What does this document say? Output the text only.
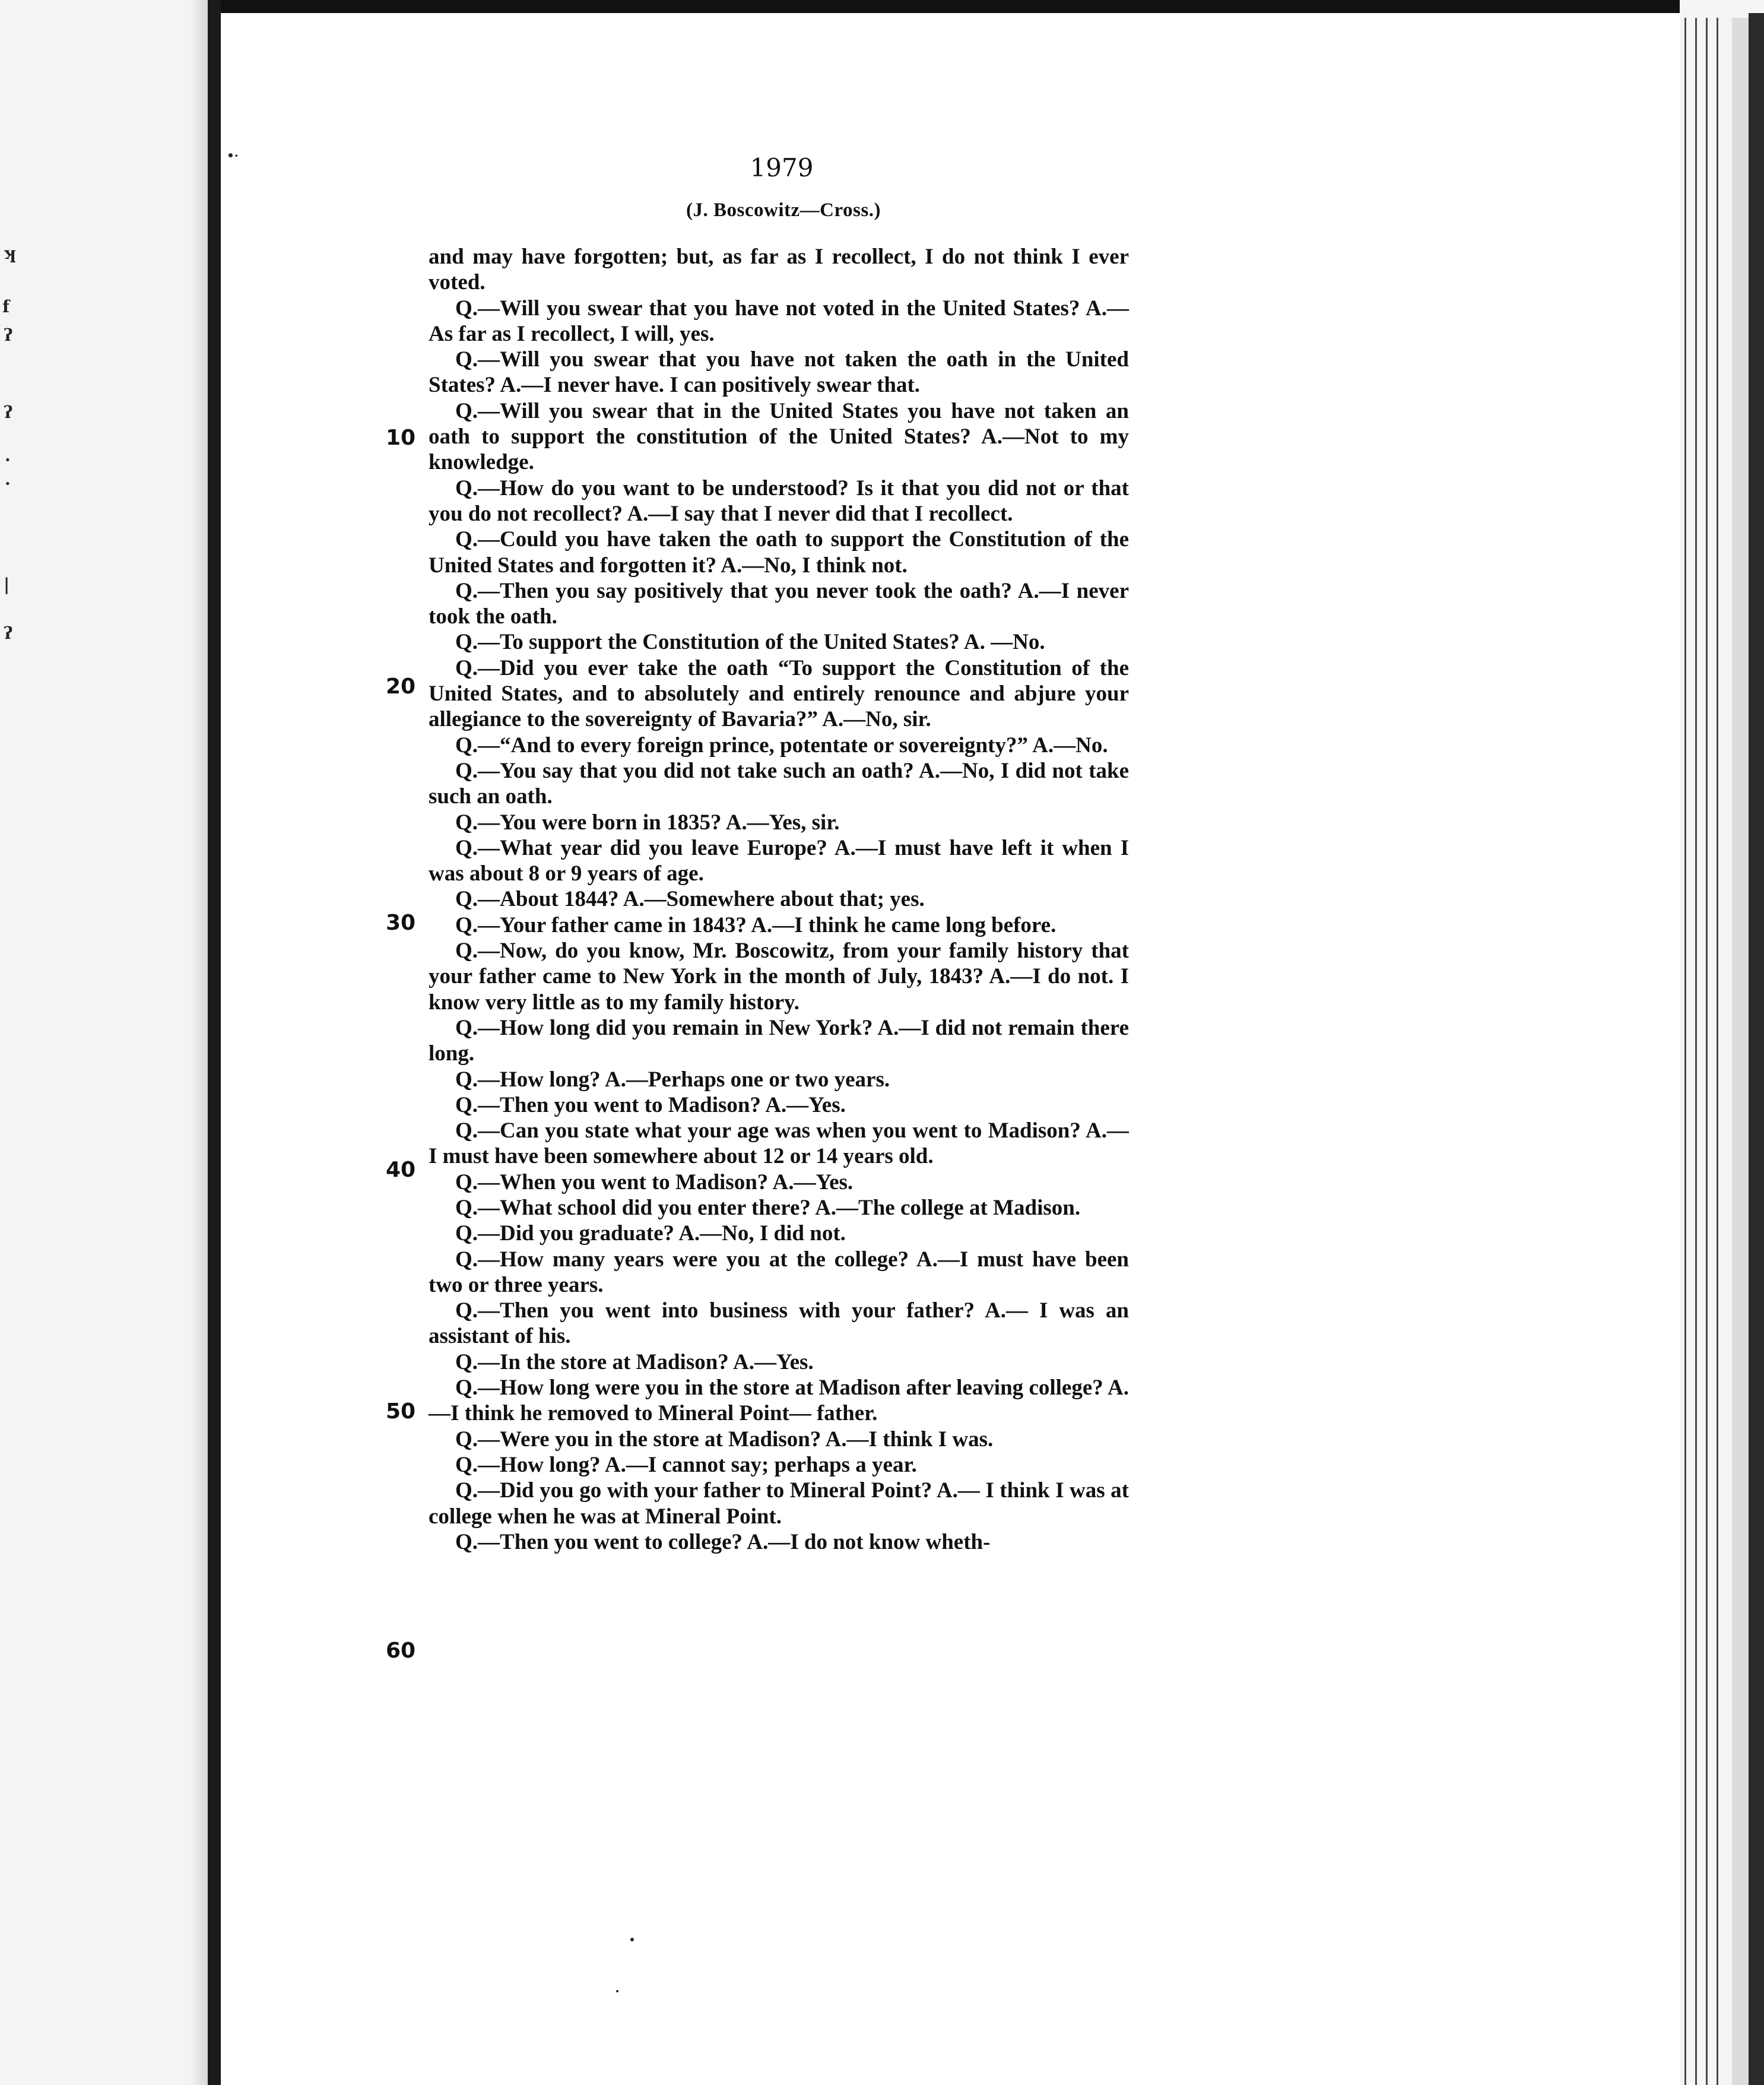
ʞ
f
ʔ
ʔ
·
·
|
ʔ
•·	1979
(J. Boscowitz—Cross.)
10
20
30
40
50
60

and may have forgotten; but, as far as I recollect, I do not think I ever voted.

Q.—Will you swear that you have not voted in the United States? A.—As far as I recollect, I will, yes.

Q.—Will you swear that you have not taken the oath in the United States? A.—I never have. I can positively swear that.

Q.—Will you swear that in the United States you have not taken an oath to support the constitution of the United States? A.—Not to my knowledge.

Q.—How do you want to be understood? Is it that you did not or that you do not recollect? A.—I say that I never did that I recollect.

Q.—Could you have taken the oath to support the Constitution of the United States and forgotten it? A.—No, I think not.

Q.—Then you say positively that you never took the oath? A.—I never took the oath.

Q.—To support the Constitution of the United States? A. —No.

Q.—Did you ever take the oath “To support the Constitution of the United States, and to absolutely and entirely renounce and abjure your allegiance to the sovereignty of Bavaria?” A.—No, sir.

Q.—“And to every foreign prince, potentate or sovereignty?” A.—No.

Q.—You say that you did not take such an oath? A.—No, I did not take such an oath.

Q.—You were born in 1835? A.—Yes, sir.

Q.—What year did you leave Europe? A.—I must have left it when I was about 8 or 9 years of age.

Q.—About 1844? A.—Somewhere about that; yes.

Q.—Your father came in 1843? A.—I think he came long before.

Q.—Now, do you know, Mr. Boscowitz, from your family history that your father came to New York in the month of July, 1843? A.—I do not. I know very little as to my family history.

Q.—How long did you remain in New York? A.—I did not remain there long.

Q.—How long? A.—Perhaps one or two years.

Q.—Then you went to Madison? A.—Yes.

Q.—Can you state what your age was when you went to Madison? A.—I must have been somewhere about 12 or 14 years old.

Q.—When you went to Madison? A.—Yes.

Q.—What school did you enter there? A.—The college at Madison.

Q.—Did you graduate? A.—No, I did not.

Q.—How many years were you at the college? A.—I must have been two or three years.

Q.—Then you went into business with your father? A.— I was an assistant of his.

Q.—In the store at Madison? A.—Yes.

Q.—How long were you in the store at Madison after leaving college? A.—I think he removed to Mineral Point— father.

Q.—Were you in the store at Madison? A.—I think I was.

Q.—How long? A.—I cannot say; perhaps a year.

Q.—Did you go with your father to Mineral Point? A.— I think I was at college when he was at Mineral Point.

Q.—Then you went to college? A.—I do not know wheth-
